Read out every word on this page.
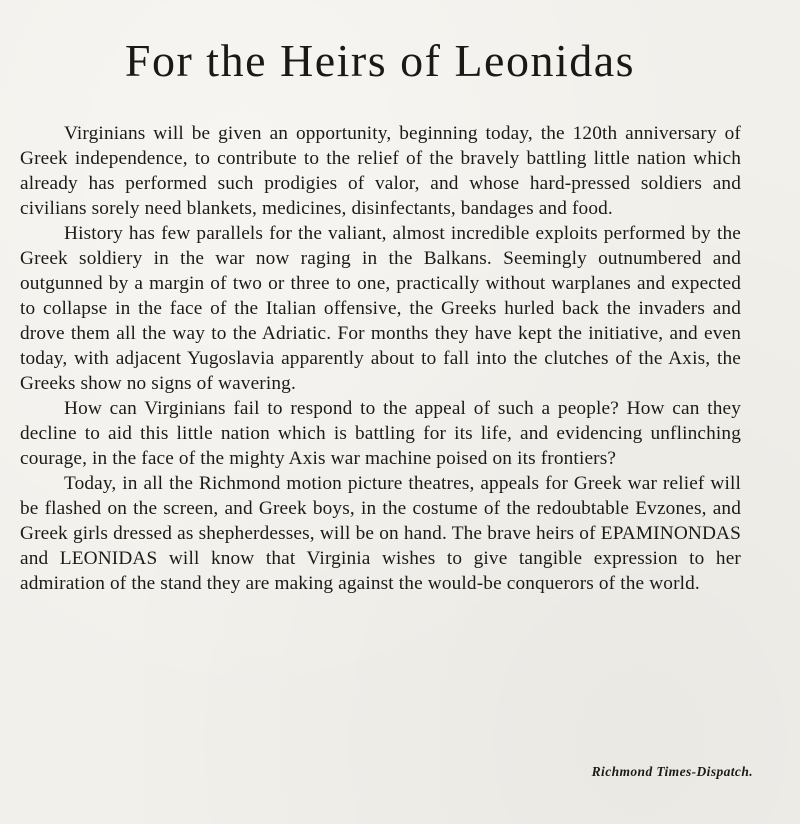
For the Heirs of Leonidas

Virginians will be given an opportunity, beginning today, the 120th anniversary of Greek independence, to contribute to the relief of the bravely battling little nation which already has performed such prodigies of valor, and whose hard-pressed soldiers and civilians sorely need blankets, medicines, disinfectants, bandages and food.

History has few parallels for the valiant, almost incredible exploits performed by the Greek soldiery in the war now raging in the Balkans. Seemingly outnumbered and outgunned by a margin of two or three to one, practically without warplanes and expected to collapse in the face of the Italian offensive, the Greeks hurled back the invaders and drove them all the way to the Adriatic. For months they have kept the initiative, and even today, with adjacent Yugoslavia apparently about to fall into the clutches of the Axis, the Greeks show no signs of wavering.

How can Virginians fail to respond to the appeal of such a people? How can they decline to aid this little nation which is battling for its life, and evidencing unflinching courage, in the face of the mighty Axis war machine poised on its frontiers?

Today, in all the Richmond motion picture theatres, appeals for Greek war relief will be flashed on the screen, and Greek boys, in the costume of the redoubtable Evzones, and Greek girls dressed as shepherdesses, will be on hand. The brave heirs of EPAMINONDAS and LEONIDAS will know that Virginia wishes to give tangible expression to her admiration of the stand they are making against the would-be conquerors of the world.

Richmond Times-Dispatch.
